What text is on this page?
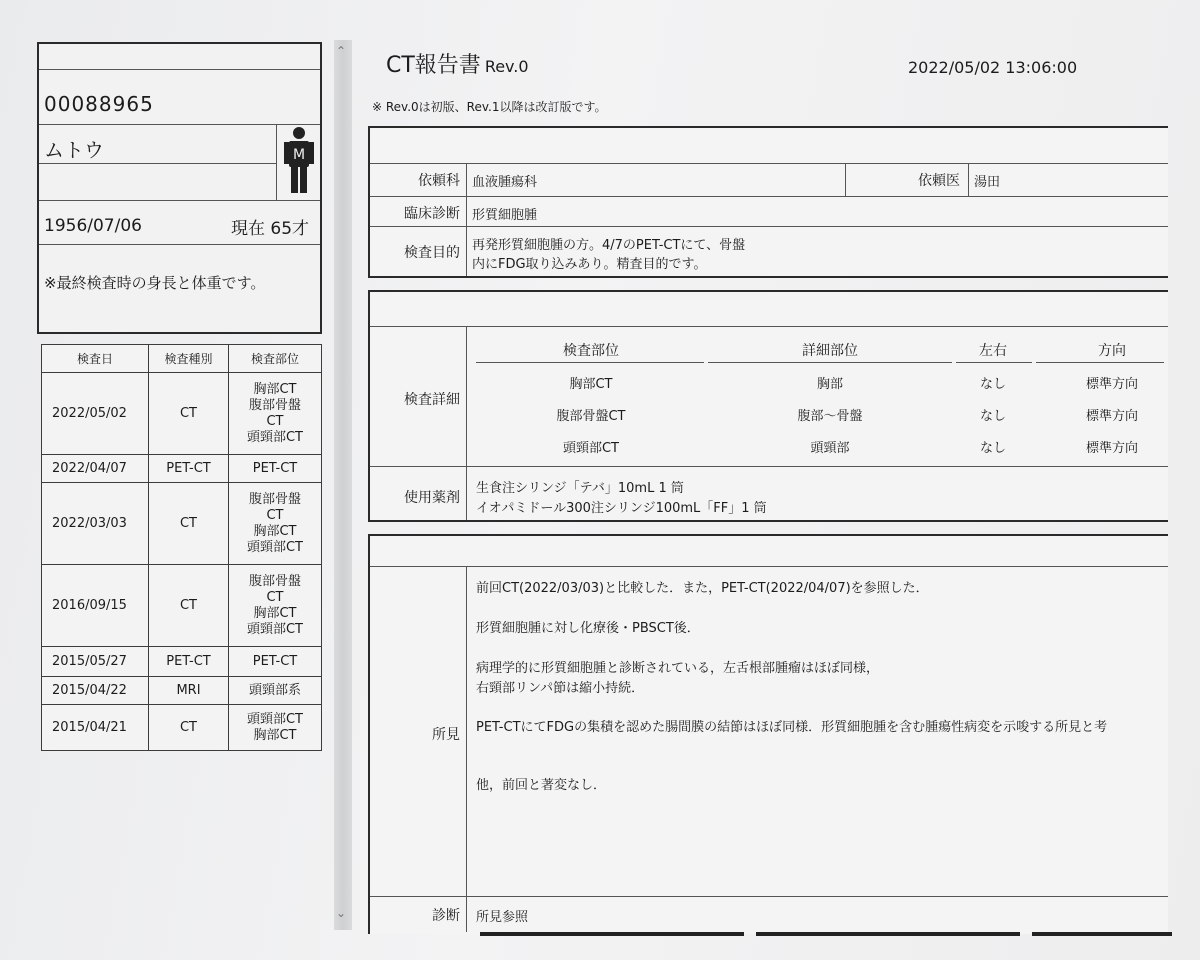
⌃
⌄
00088965
ムトウ	M
1956/07/06	現在 65才
※最終検査時の身長と体重です。
検査日	検査種別	検査部位
2022/05/02	CT	胸部CT
腹部骨盤
CT
頭頸部CT

2022/04/07	PET-CT	PET-CT

2022/03/03	CT	腹部骨盤
CT
胸部CT
頭頸部CT

2016/09/15	CT	腹部骨盤
CT
胸部CT
頭頸部CT

2015/05/27	PET-CT	PET-CT

2015/04/22	MRI	頭頸部系

2015/04/21	CT	頭頸部CT
胸部CT
CT報告書 Rev.0	2022/05/02 13:06:00
※ Rev.0は初版、Rev.1以降は改訂版です。
依頼科 血液腫瘍科	依頼医	湯田
臨床診断 形質細胞腫
検査目的 再発形質細胞腫の方。4/7のPET-CTにて、骨盤
内にFDG取り込みあり。精査目的です。
検査詳細
検査部位	詳細部位	左右	方向
胸部CT	胸部	なし	標準方向
腹部骨盤CT	腹部～骨盤	なし	標準方向
頭頸部CT	頭頸部	なし	標準方向
使用薬剤
生食注シリンジ「テバ」10mL 1 筒
イオパミドール300注シリンジ100mL「FF」1 筒
所見
前回CT(2022/03/03)と比較した．また，PET-CT(2022/04/07)を参照した．
形質細胞腫に対し化療後・PBSCT後．
病理学的に形質細胞腫と診断されている，左舌根部腫瘤はほぼ同様，
右頸部リンパ節は縮小持続．
PET-CTにてFDGの集積を認めた腸間膜の結節はほぼ同様．形質細胞腫を含む腫瘍性病変を示唆する所見と考
他，前回と著変なし．
診断	所見参照
